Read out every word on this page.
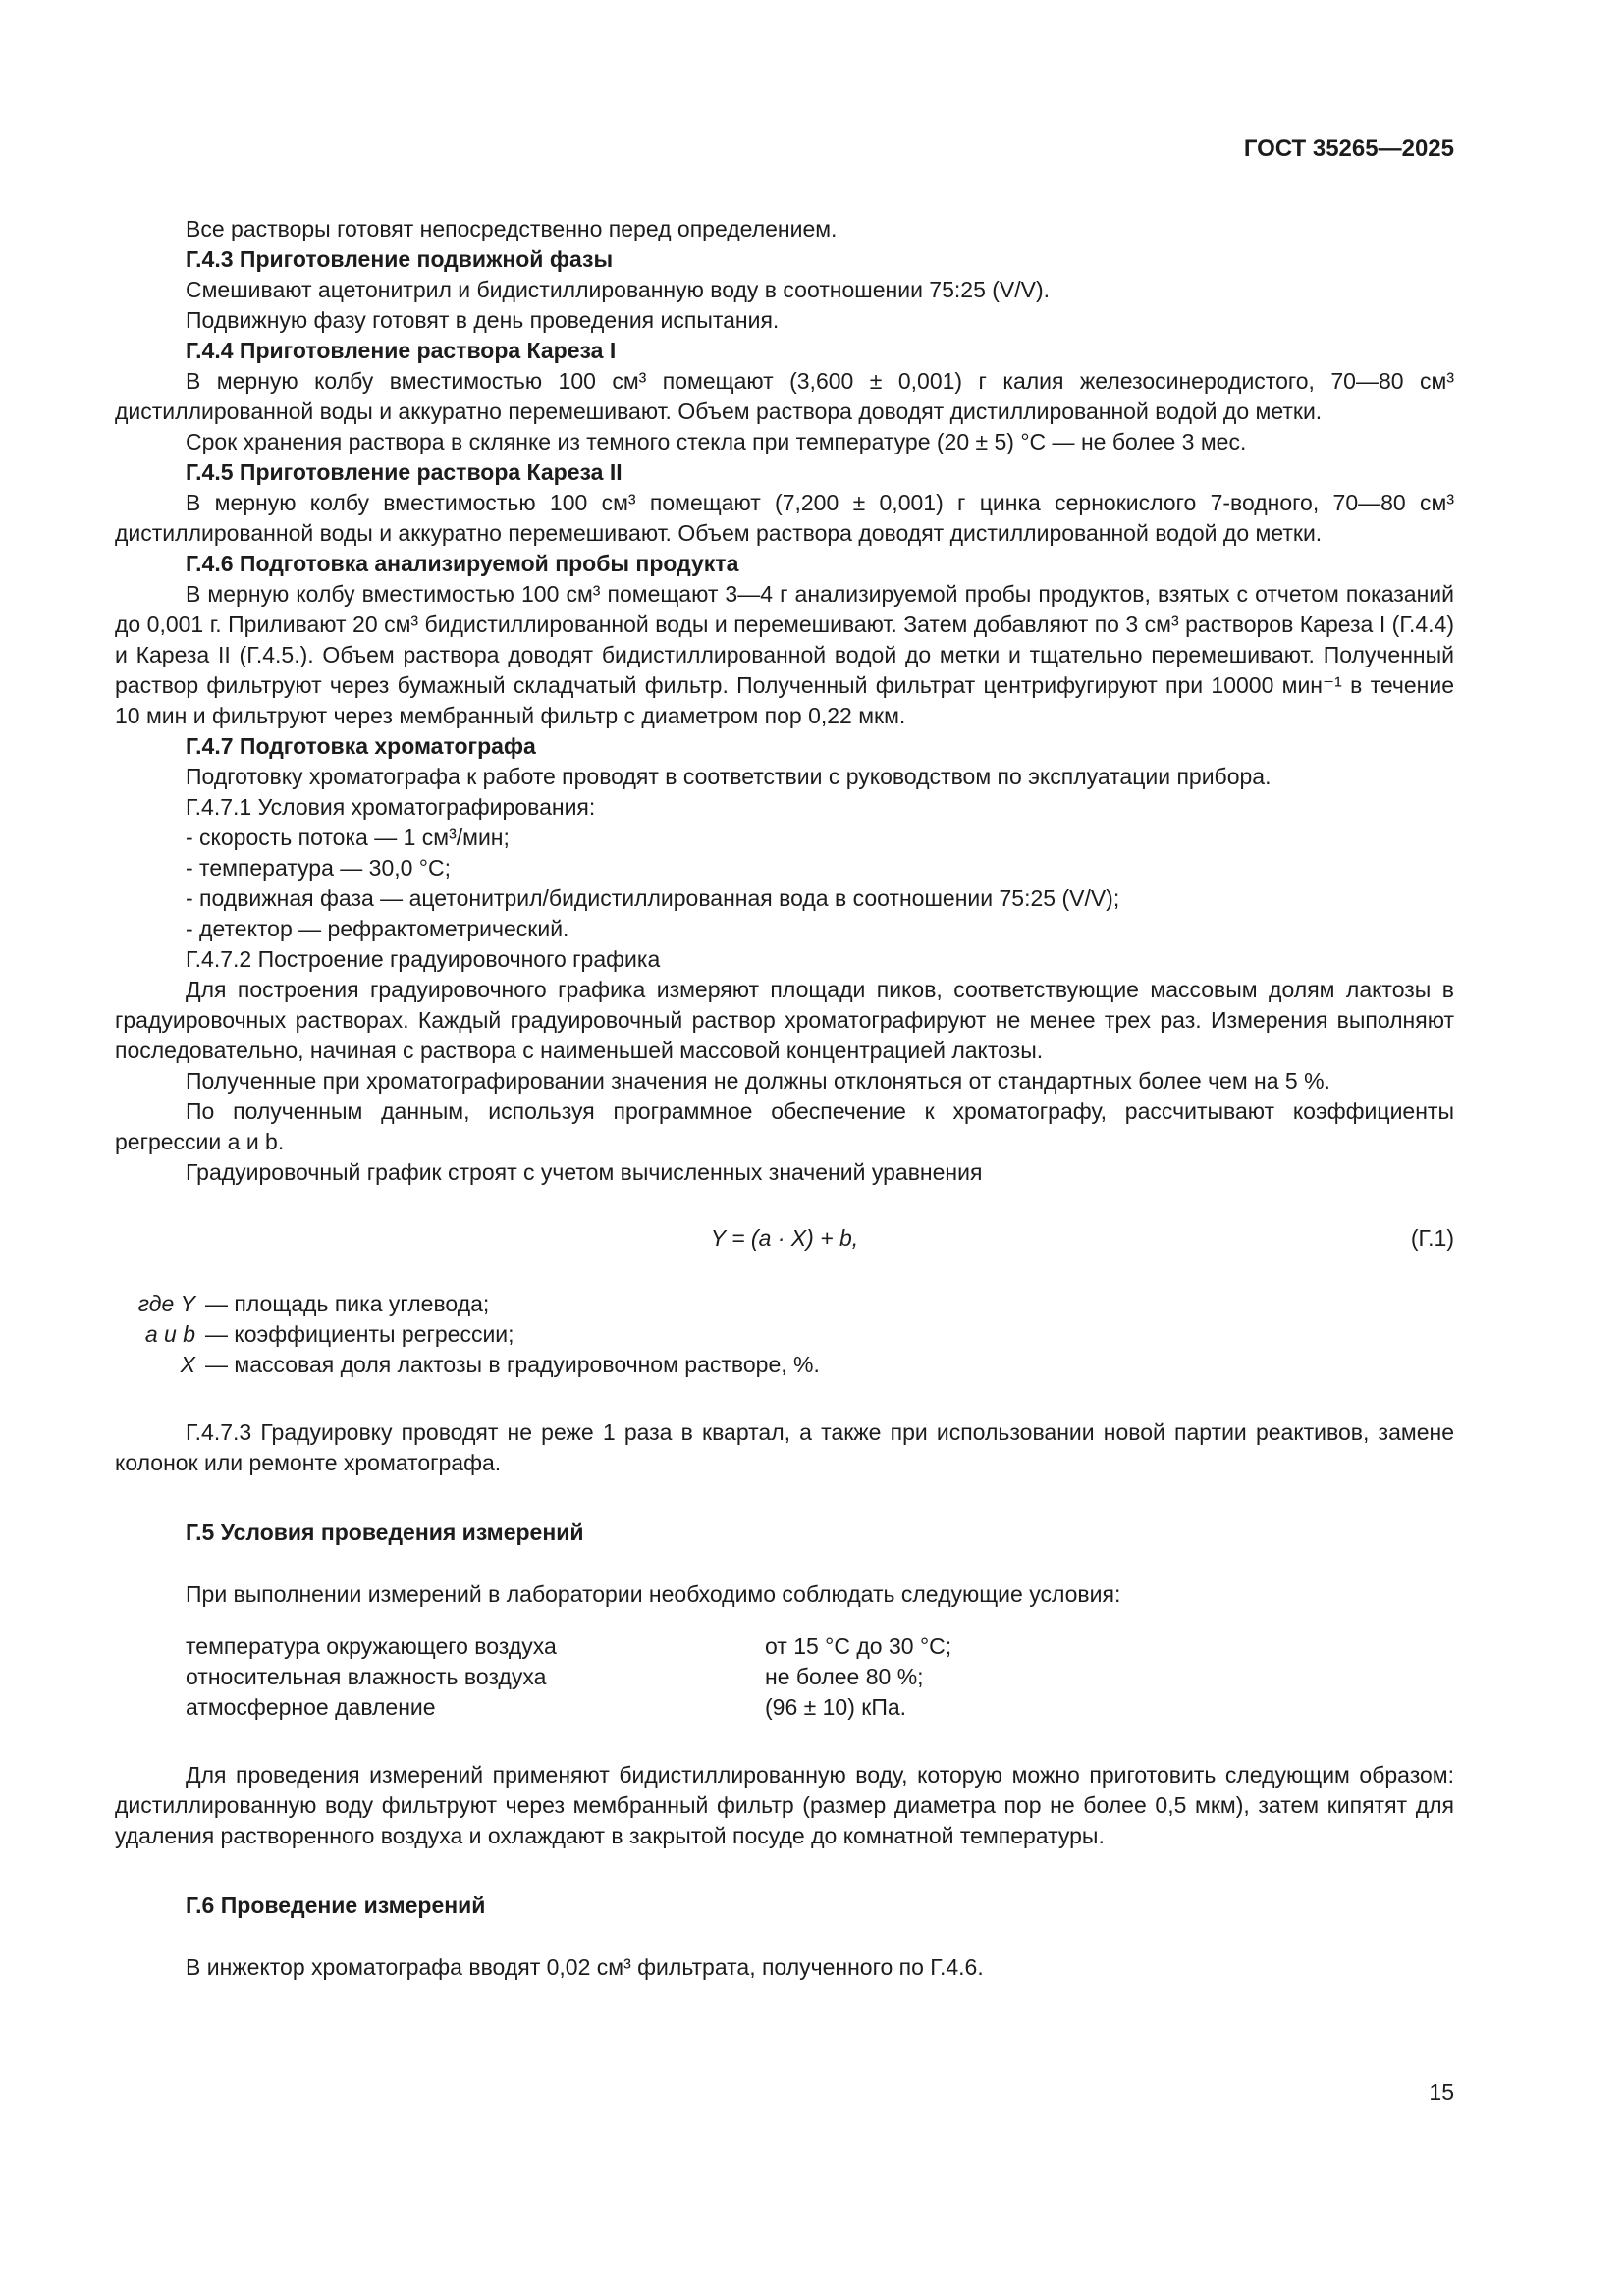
ГОСТ 35265—2025

Все растворы готовят непосредственно перед определением.

Г.4.3 Приготовление подвижной фазы

Смешивают ацетонитрил и бидистиллированную воду в соотношении 75:25 (V/V).

Подвижную фазу готовят в день проведения испытания.

Г.4.4 Приготовление раствора Кареза I

В мерную колбу вместимостью 100 см³ помещают (3,600 ± 0,001) г калия железосинеродистого, 70—80 см³ дистиллированной воды и аккуратно перемешивают. Объем раствора доводят дистиллированной водой до метки.

Срок хранения раствора в склянке из темного стекла при температуре (20 ± 5) °С — не более 3 мес.

Г.4.5 Приготовление раствора Кареза II

В мерную колбу вместимостью 100 см³ помещают (7,200 ± 0,001) г цинка сернокислого 7-водного, 70—80 см³ дистиллированной воды и аккуратно перемешивают. Объем раствора доводят дистиллированной водой до метки.

Г.4.6 Подготовка анализируемой пробы продукта

В мерную колбу вместимостью 100 см³ помещают 3—4 г анализируемой пробы продуктов, взятых с отчетом показаний до 0,001 г. Приливают 20 см³ бидистиллированной воды и перемешивают. Затем добавляют по 3 см³ растворов Кареза I (Г.4.4) и Кареза II (Г.4.5.). Объем раствора доводят бидистиллированной водой до метки и тщательно перемешивают. Полученный раствор фильтруют через бумажный складчатый фильтр. Полученный фильтрат центрифугируют при 10000 мин⁻¹ в течение 10 мин и фильтруют через мембранный фильтр с диаметром пор 0,22 мкм.

Г.4.7 Подготовка хроматографа

Подготовку хроматографа к работе проводят в соответствии с руководством по эксплуатации прибора.

Г.4.7.1 Условия хроматографирования:

- скорость потока — 1 см³/мин;

- температура — 30,0 °С;

- подвижная фаза — ацетонитрил/бидистиллированная вода в соотношении 75:25 (V/V);

- детектор — рефрактометрический.

Г.4.7.2 Построение градуировочного графика

Для построения градуировочного графика измеряют площади пиков, соответствующие массовым долям лактозы в градуировочных растворах. Каждый градуировочный раствор хроматографируют не менее трех раз. Измерения выполняют последовательно, начиная с раствора с наименьшей массовой концентрацией лактозы.

Полученные при хроматографировании значения не должны отклоняться от стандартных более чем на 5 %.

По полученным данным, используя программное обеспечение к хроматографу, рассчитывают коэффициенты регрессии a и b.

Градуировочный график строят с учетом вычисленных значений уравнения

Y = (a · X) + b,	(Г.1)
где Y — площадь пика углевода;
a и b — коэффициенты регрессии;
X — массовая доля лактозы в градуировочном растворе, %.

Г.4.7.3 Градуировку проводят не реже 1 раза в квартал, а также при использовании новой партии реактивов, замене колонок или ремонте хроматографа.

Г.5 Условия проведения измерений

При выполнении измерений в лаборатории необходимо соблюдать следующие условия:

температура окружающего воздуха	от 15 °С до 30 °С;
относительная влажность воздуха	не более 80 %;
атмосферное давление	(96 ± 10) кПа.

Для проведения измерений применяют бидистиллированную воду, которую можно приготовить следующим образом: дистиллированную воду фильтруют через мембранный фильтр (размер диаметра пор не более 0,5 мкм), затем кипятят для удаления растворенного воздуха и охлаждают в закрытой посуде до комнатной температуры.

Г.6 Проведение измерений

В инжектор хроматографа вводят 0,02 см³ фильтрата, полученного по Г.4.6.

15
